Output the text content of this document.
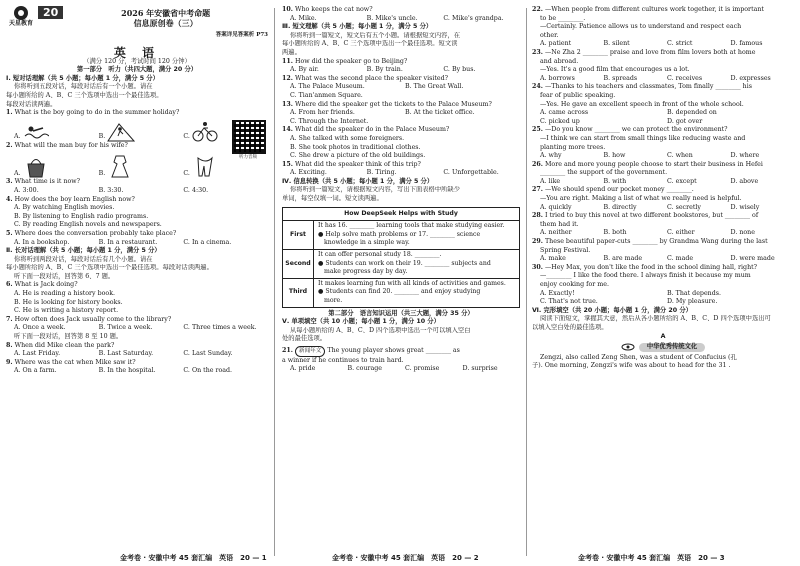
天星教育
20	2026 年安徽省中考命题
信息原创卷（三）
答案详见答案析 P73
英 语
（满分 120 分，考试时间 120 分钟）
第一部分　听力（共四大题，满分 20 分）
Ⅰ. 短对话理解（共 5 小题；每小题 1 分，满分 5 分）
你将听到五段对话，每段对话后有一个小题。请在
每小题所给的 A、B、C 三个选项中选出一个最佳选项。
每段对话读两遍。
1. What is the boy going to do in the summer holiday?
A.	B.	C.
2. What will the man buy for his wife?
A.	B.	C.
3. What time is it now?
A. 3:00.	B. 3:30.	C. 4:30.
4. How does the boy learn English now?
A. By watching English movies.
B. By listening to English radio programs.
C. By reading English novels and newspapers.
5. Where does the conversation probably take place?
A. In a bookshop.	B. In a restaurant.	C. In a cinema.
Ⅱ. 长对话理解（共 5 小题；每小题 1 分，满分 5 分）
你将听到两段对话，每段对话后有几个小题。请在
每小题所给的 A、B、C 三个选项中选出一个最佳选项。每段对话读两遍。
听下面一段对话，回答第 6、7 题。
6. What is Jack doing?
A. He is reading a history book.
B. He is looking for history books.
C. He is writing a history report.
7. How often does Jack usually come to the library?
A. Once a week.	B. Twice a week.	C. Three times a week.
听下面一段对话，回答第 8 至 10 题。
8. When did Mike clean the park?
A. Last Friday.	B. Last Saturday.	C. Last Sunday.
9. Where was the cat when Mike saw it?
A. On a farm.	B. In the hospital.	C. On the road.
听力音频
10. Who keeps the cat now?
A. Mike.	B. Mike's uncle.	C. Mike's grandpa.
Ⅲ. 短文理解（共 5 小题；每小题 1 分，满分 5 分）
你将听到一篇短文，短文后有五个小题。请根据短文内容，在
每小题所给的 A、B、C 三个选项中选出一个最佳选项。短文读
两遍。
11. How did the speaker go to Beijing?
A. By air.	B. By train.	C. By bus.
12. What was the second place the speaker visited?
A. The Palace Museum.	B. The Great Wall.
C. Tian'anmen Square.
13. Where did the speaker get the tickets to the Palace Museum?
A. From her friends.	B. At the ticket office.
C. Through the Internet.
14. What did the speaker do in the Palace Museum?
A. She talked with some foreigners.
B. She took photos in traditional clothes.
C. She drew a picture of the old buildings.
15. What did the speaker think of this trip?
A. Exciting.	B. Tiring.	C. Unforgettable.
Ⅳ. 信息转换（共 5 小题；每小题 1 分，满分 5 分）
你将听到一篇短文，请根据短文内容，写出下面表格中所缺少
单词，每空仅填一词。短文读两遍。
How DeepSeek Helps with Study
First
It has 16. ________ learning tools that make studying easier.
● Help solve math problems or 17. ________ science
knowledge in a simple way.
Second
It can offer personal study 18. ________.
● Students can work on their 19. ________ subjects and
make progress day by day.
Third
It makes learning fun with all kinds of activities and games.
● Students can find 20. ________ and enjoy studying
more.
第二部分　语言知识运用（共三大题，满分 35 分）
Ⅴ. 单项填空（共 10 小题；每小题 1 分，满分 10 分）
从每小题所给的 A、B、C、D 四个选项中选出一个可以填入空白
处的最佳选项。
21. 新闻年文 The young player shows great ________ as
a winner if he continues to train hard.
A. pride	B. courage	C. promise	D. surprise
22. —When people from different cultures work together, it is important
to be ________.
—Certainly. Patience allows us to understand and respect each
other.
A. patient	B. silent	C. strict	D. famous
23. —Ne Zha 2 ________ praise and love from film lovers both at home
and abroad.
—Yes. It's a good film that encourages us a lot.
A. borrows	B. spreads	C. receives	D. expresses
24. —Thanks to his teachers and classmates, Tom finally ________ his
fear of public speaking.
—Yes. He gave an excellent speech in front of the whole school.
A. came across	B. depended on
C. picked up	D. got over
25. —Do you know ________ we can protect the environment?
—I think we can start from small things like reducing waste and
planting more trees.
A. why	B. how	C. when	D. where
26. More and more young people choose to start their business in Hefei
________ the support of the government.
A. like	B. with	C. except	D. above
27. —We should spend our pocket money ________.
—You are right. Making a list of what we really need is helpful.
A. quickly	B. directly	C. secretly	D. wisely
28. I tried to buy this novel at two different bookstores, but ________ of
them had it.
A. neither	B. both	C. either	D. none
29. These beautiful paper-cuts ________ by Grandma Wang during the last
Spring Festival.
A. make	B. are made	C. made	D. were made
30. —Hey Max, you don't like the food in the school dining hall, right?
—________ I like the food there. I always finish it because my mum
enjoy cooking for me.
A. Exactly!	B. That depends.
C. That's not true.	D. My pleasure.
Ⅵ. 完形填空（共 20 小题；每小题 1 分，满分 20 分）
阅读下面短文，掌握其大意，然后从各小题所给的 A、B、C、D 四个选项中选出可
以填入空白处的最佳选项。
A
中华优秀传统文化
Zengzi, also called Zeng Shen, was a student of Confucius (孔
子). One morning, Zengzi's wife was about to head for the 31 .
金考卷 · 安徽中考 45 套汇编　英语　 20 — 1	金考卷 · 安徽中考 45 套汇编　英语　 20 — 2	金考卷 · 安徽中考 45 套汇编　英语　 20 — 3
